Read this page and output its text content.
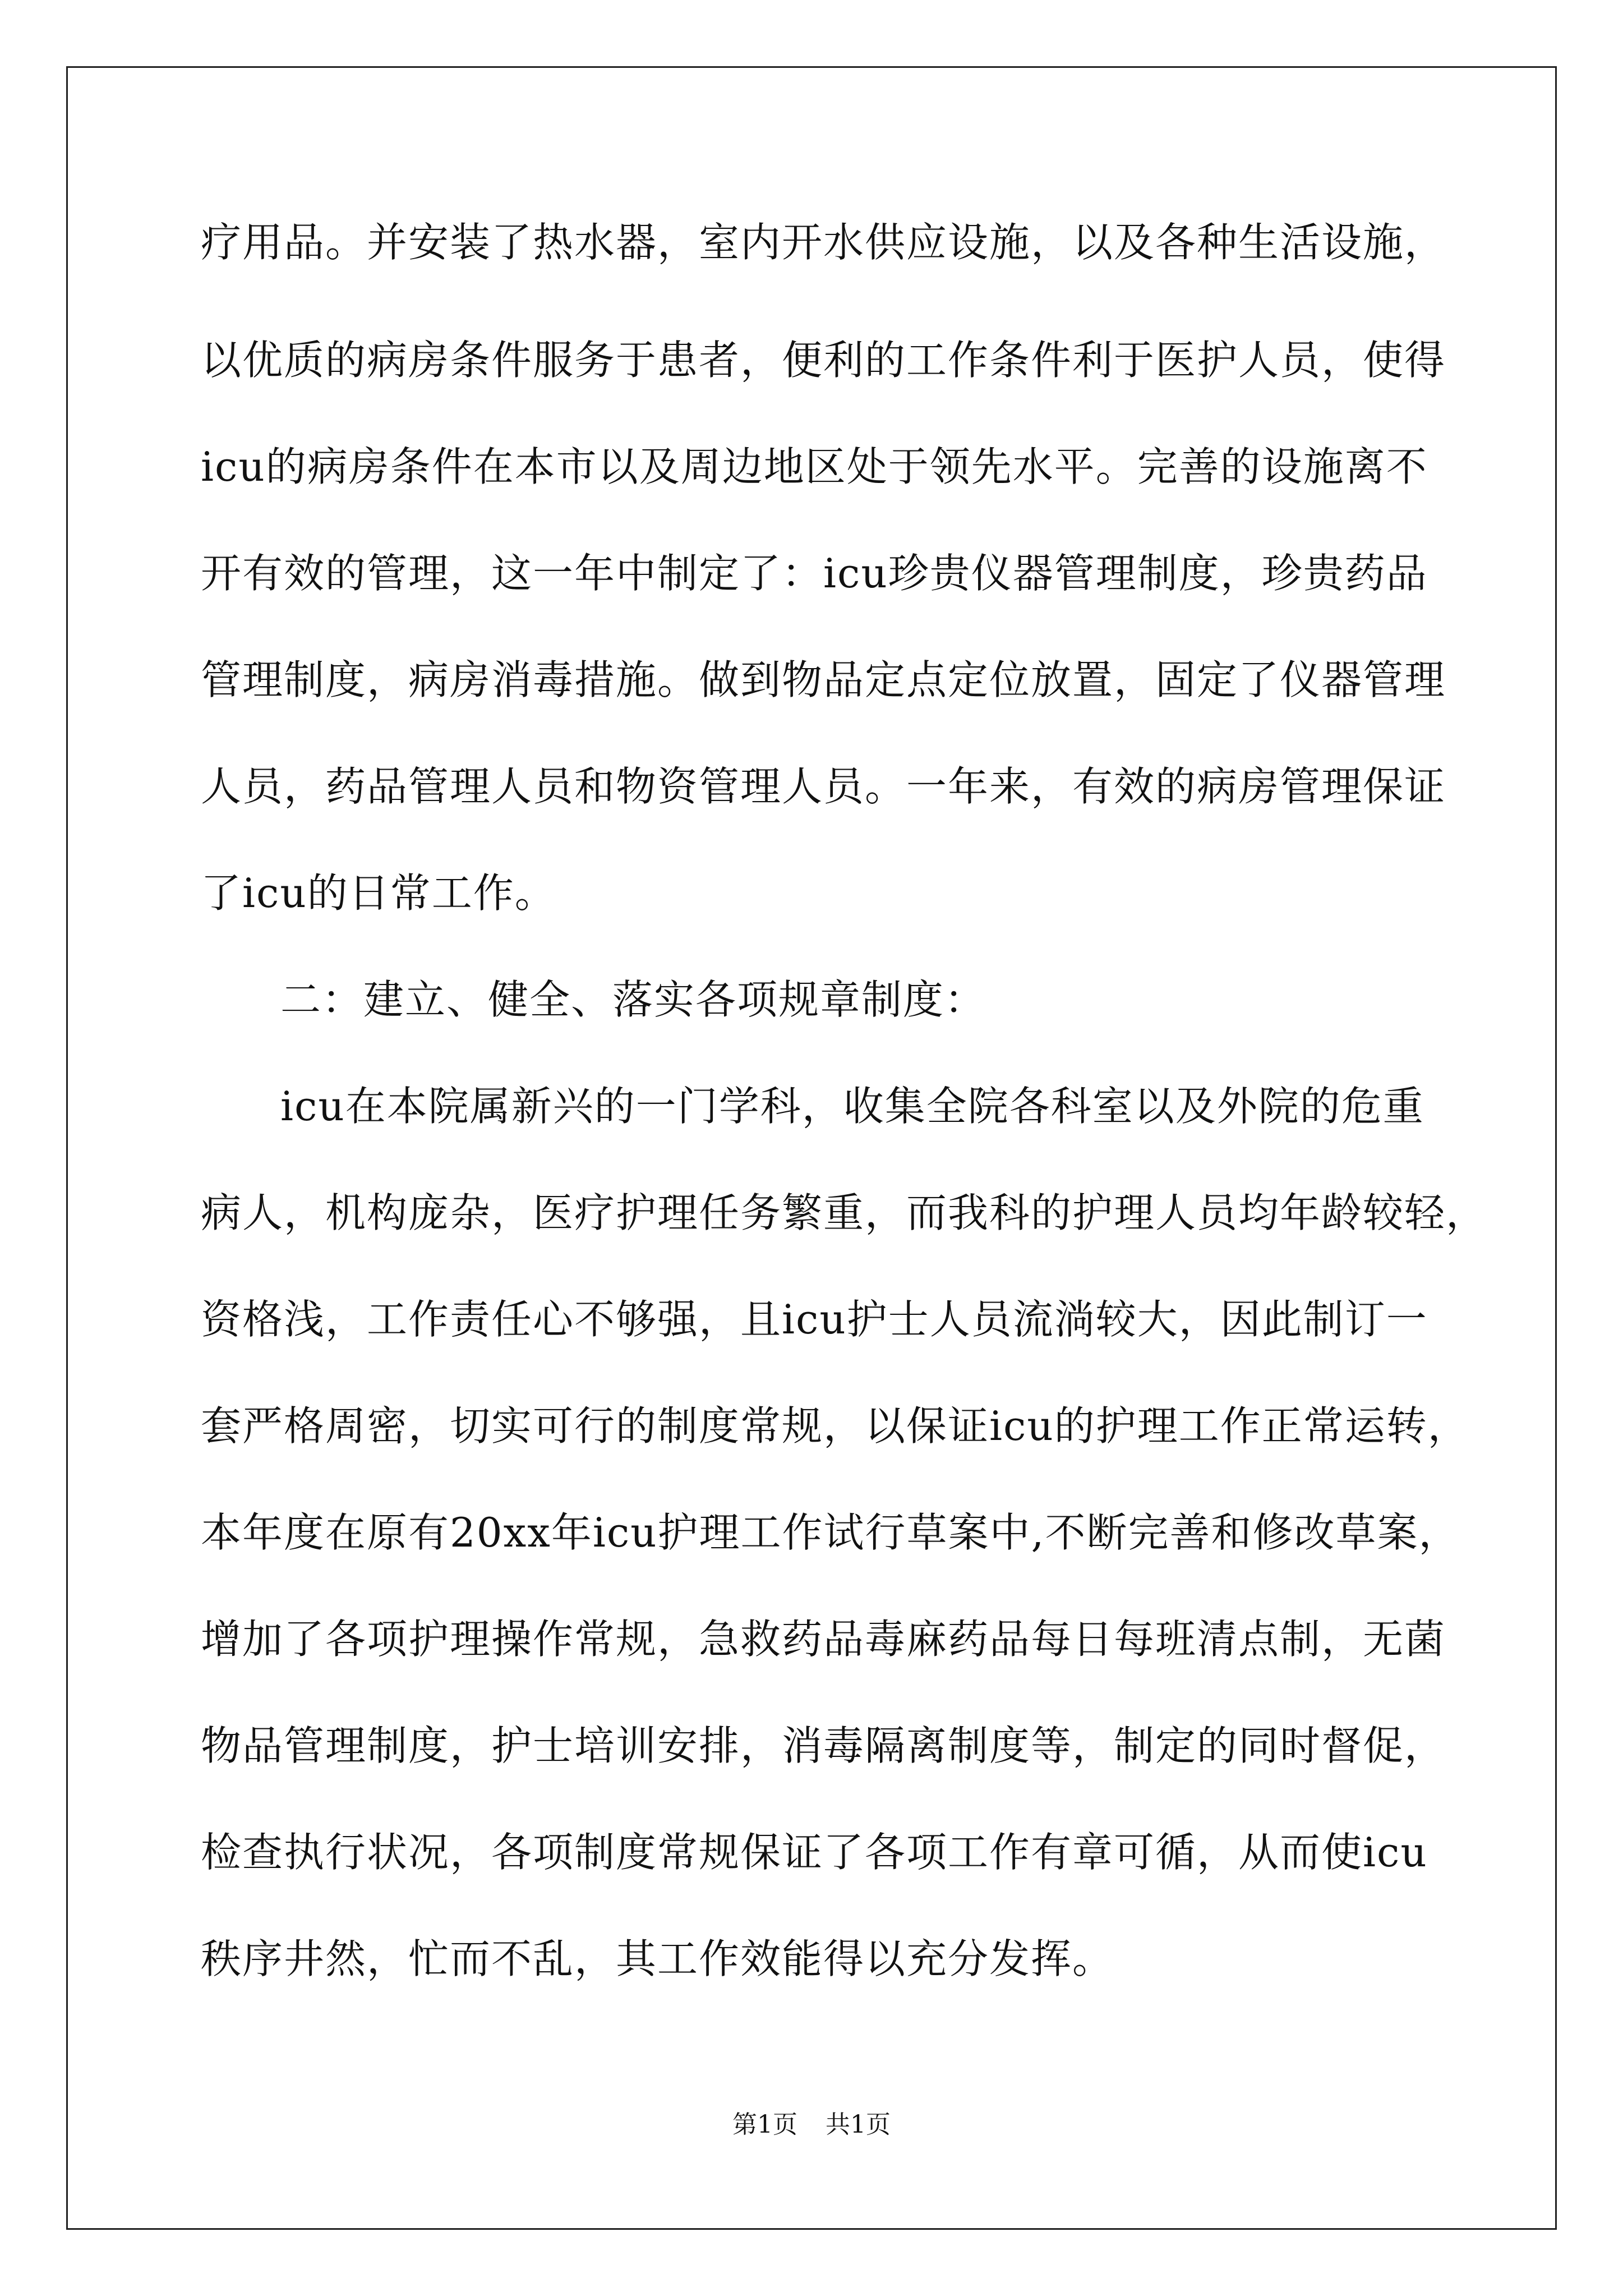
疗用品。并安装了热水器，室内开水供应设施，以及各种生活设施，
以优质的病房条件服务于患者，便利的工作条件利于医护人员，使得
icu的病房条件在本市以及周边地区处于领先水平。完善的设施离不
开有效的管理，这一年中制定了：icu珍贵仪器管理制度，珍贵药品
管理制度，病房消毒措施。做到物品定点定位放置，固定了仪器管理
人员，药品管理人员和物资管理人员。一年来，有效的病房管理保证
了icu的日常工作。
二：建立、健全、落实各项规章制度：
icu在本院属新兴的一门学科，收集全院各科室以及外院的危重
病人，机构庞杂，医疗护理任务繁重，而我科的护理人员均年龄较轻，
资格浅，工作责任心不够强，且icu护士人员流淌较大，因此制订一
套严格周密，切实可行的制度常规，以保证icu的护理工作正常运转，
本年度在原有20xx年icu护理工作试行草案中,不断完善和修改草案，
增加了各项护理操作常规，急救药品毒麻药品每日每班清点制，无菌
物品管理制度，护士培训安排，消毒隔离制度等，制定的同时督促，
检查执行状况，各项制度常规保证了各项工作有章可循，从而使icu
秩序井然，忙而不乱，其工作效能得以充分发挥。
第1页 共1页
